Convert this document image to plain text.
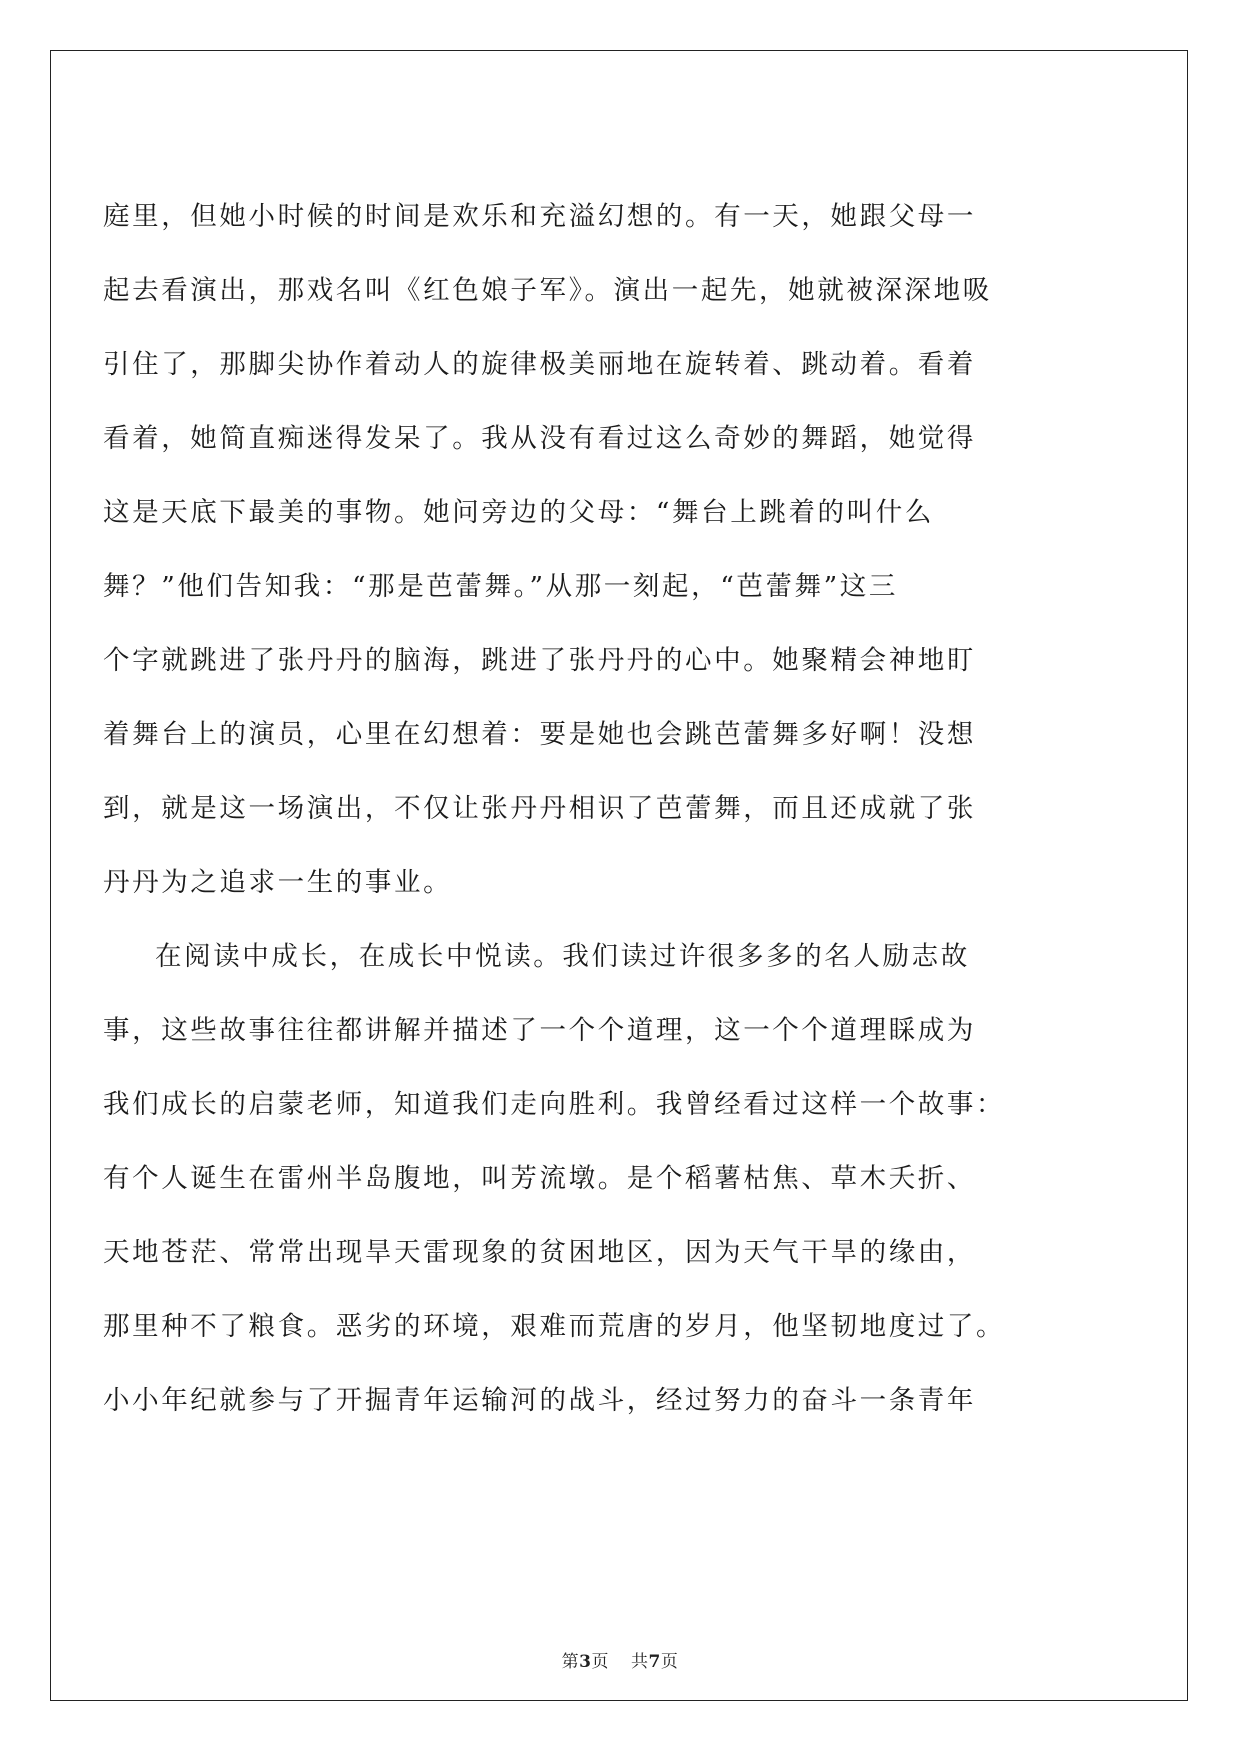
庭里，但她小时候的时间是欢乐和充溢幻想的。有一天，她跟父母一
起去看演出，那戏名叫《红色娘子军》。演出一起先，她就被深深地吸
引住了，那脚尖协作着动人的旋律极美丽地在旋转着、跳动着。看着
看着，她简直痴迷得发呆了。我从没有看过这么奇妙的舞蹈，她觉得
这是天底下最美的事物。她问旁边的父母：“舞台上跳着的叫什么
舞？”他们告知我：“那是芭蕾舞。”从那一刻起，“芭蕾舞”这三
个字就跳进了张丹丹的脑海，跳进了张丹丹的心中。她聚精会神地盯
着舞台上的演员，心里在幻想着：要是她也会跳芭蕾舞多好啊！没想
到，就是这一场演出，不仅让张丹丹相识了芭蕾舞，而且还成就了张
丹丹为之追求一生的事业。
在阅读中成长，在成长中悦读。我们读过许很多多的名人励志故
事，这些故事往往都讲解并描述了一个个道理，这一个个道理睬成为
我们成长的启蒙老师，知道我们走向胜利。我曾经看过这样一个故事：
有个人诞生在雷州半岛腹地，叫芳流墩。是个稻薯枯焦、草木夭折、
天地苍茫、常常出现旱天雷现象的贫困地区，因为天气干旱的缘由，
那里种不了粮食。恶劣的环境，艰难而荒唐的岁月，他坚韧地度过了。
小小年纪就参与了开掘青年运输河的战斗，经过努力的奋斗一条青年
第3页 共7页
